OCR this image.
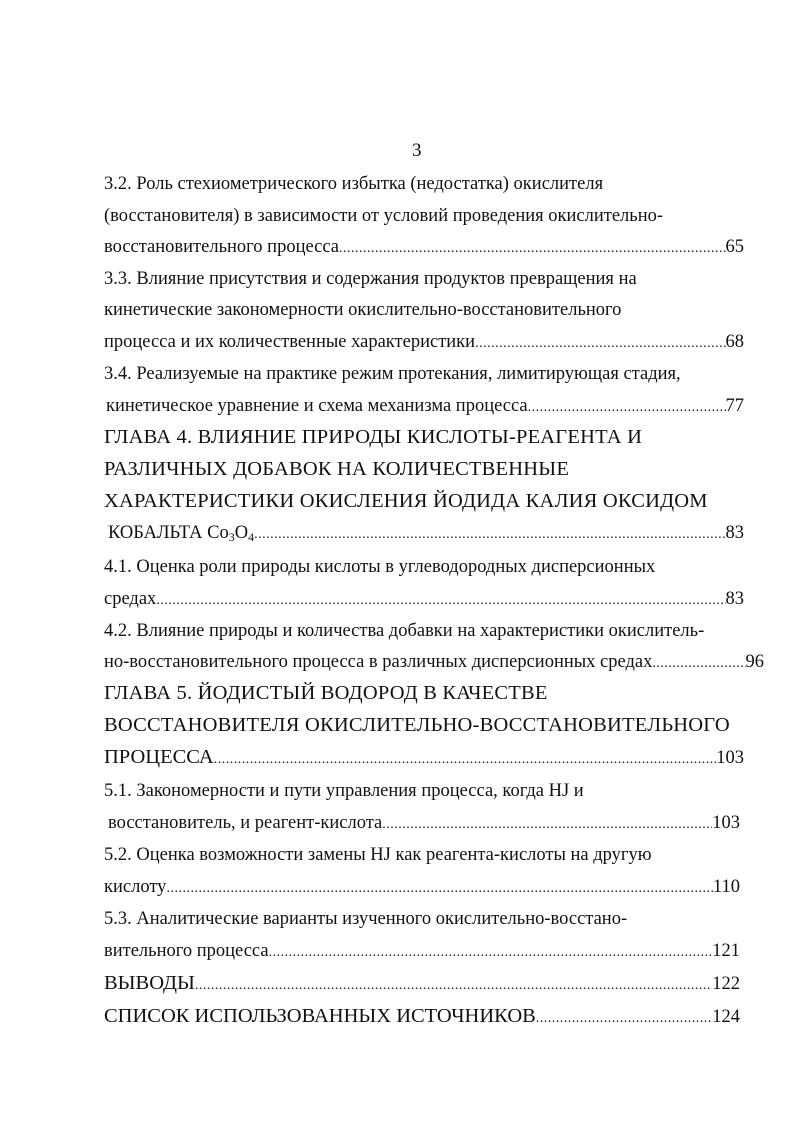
3
3.2. Роль стехиометрического избытка (недостатка) окислителя
(восстановителя) в зависимости от условий проведения окислительно-
восстановительного процесса .....	65
3.3. Влияние присутствия и содержания продуктов превращения на
кинетические закономерности окислительно-восстановительного
процесса и их количественные характеристики .....	68
3.4. Реализуемые на практике режим протекания, лимитирующая стадия,
кинетическое уравнение и схема механизма процесса .....	77
ГЛАВА 4. ВЛИЯНИЕ ПРИРОДЫ КИСЛОТЫ-РЕАГЕНТА И
РАЗЛИЧНЫХ ДОБАВОК НА КОЛИЧЕСТВЕННЫЕ
ХАРАКТЕРИСТИКИ ОКИСЛЕНИЯ ЙОДИДА КАЛИЯ ОКСИДОМ
КОБАЛЬТА $Co_3O_4$ .....	83
4.1. Оценка роли природы кислоты в углеводородных дисперсионных
средах .....	83
4.2. Влияние природы и количества добавки на характеристики окислитель-
но-восстановительного процесса в различных дисперсионных средах .....	96
ГЛАВА 5. ЙОДИСТЫЙ ВОДОРОД В КАЧЕСТВЕ
ВОССТАНОВИТЕЛЯ ОКИСЛИТЕЛЬНО-ВОССТАНОВИТЕЛЬНОГО
ПРОЦЕССА .....	103
5.1. Закономерности и пути управления процесса, когда HJ и
восстановитель, и реагент-кислота .....	103
5.2. Оценка возможности замены HJ как реагента-кислоты на другую
кислоту .....	110
5.3. Аналитические варианты изученного окислительно-восстано-
вительного процесса .....	121
ВЫВОДЫ .....	122
СПИСОК ИСПОЛЬЗОВАННЫХ ИСТОЧНИКОВ .....	124
